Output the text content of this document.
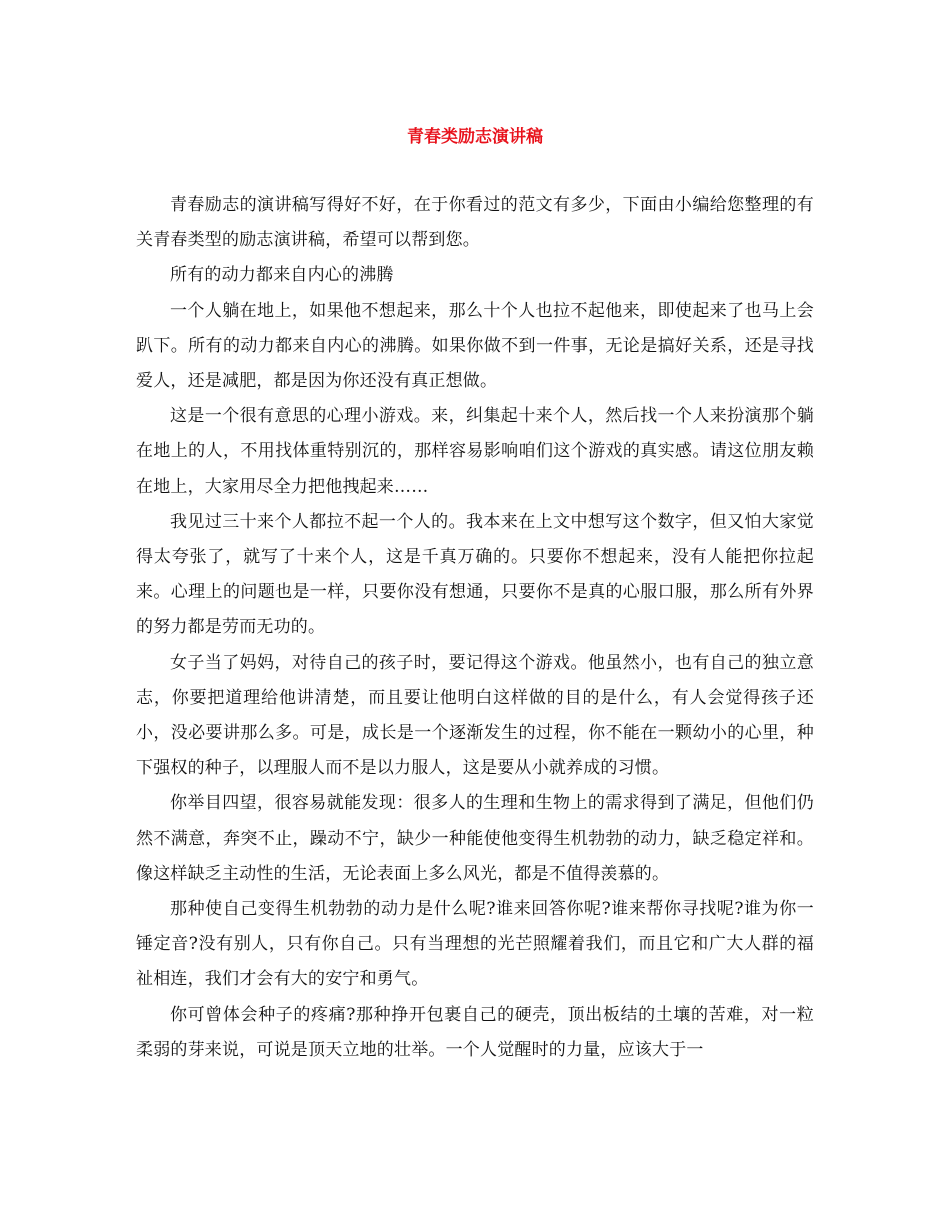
青春类励志演讲稿

青春励志的演讲稿写得好不好，在于你看过的范文有多少，下面由小编给您整理的有关青春类型的励志演讲稿，希望可以帮到您。

所有的动力都来自内心的沸腾

一个人躺在地上，如果他不想起来，那么十个人也拉不起他来，即使起来了也马上会趴下。所有的动力都来自内心的沸腾。如果你做不到一件事，无论是搞好关系，还是寻找爱人，还是减肥，都是因为你还没有真正想做。

这是一个很有意思的心理小游戏。来，纠集起十来个人，然后找一个人来扮演那个躺在地上的人，不用找体重特别沉的，那样容易影响咱们这个游戏的真实感。请这位朋友赖在地上，大家用尽全力把他拽起来……

我见过三十来个人都拉不起一个人的。我本来在上文中想写这个数字，但又怕大家觉得太夸张了，就写了十来个人，这是千真万确的。只要你不想起来，没有人能把你拉起来。心理上的问题也是一样，只要你没有想通，只要你不是真的心服口服，那么所有外界的努力都是劳而无功的。

女子当了妈妈，对待自己的孩子时，要记得这个游戏。他虽然小，也有自己的独立意志，你要把道理给他讲清楚，而且要让他明白这样做的目的是什么，有人会觉得孩子还小，没必要讲那么多。可是，成长是一个逐渐发生的过程，你不能在一颗幼小的心里，种下强权的种子，以理服人而不是以力服人，这是要从小就养成的习惯。

你举目四望，很容易就能发现：很多人的生理和生物上的需求得到了满足，但他们仍然不满意，奔突不止，躁动不宁，缺少一种能使他变得生机勃勃的动力，缺乏稳定祥和。像这样缺乏主动性的生活，无论表面上多么风光，都是不值得羡慕的。

那种使自己变得生机勃勃的动力是什么呢?谁来回答你呢?谁来帮你寻找呢?谁为你一锤定音?没有别人，只有你自己。只有当理想的光芒照耀着我们，而且它和广大人群的福祉相连，我们才会有大的安宁和勇气。

你可曾体会种子的疼痛?那种挣开包裹自己的硬壳，顶出板结的土壤的苦难，对一粒柔弱的芽来说，可说是顶天立地的壮举。一个人觉醒时的力量，应该大于一
